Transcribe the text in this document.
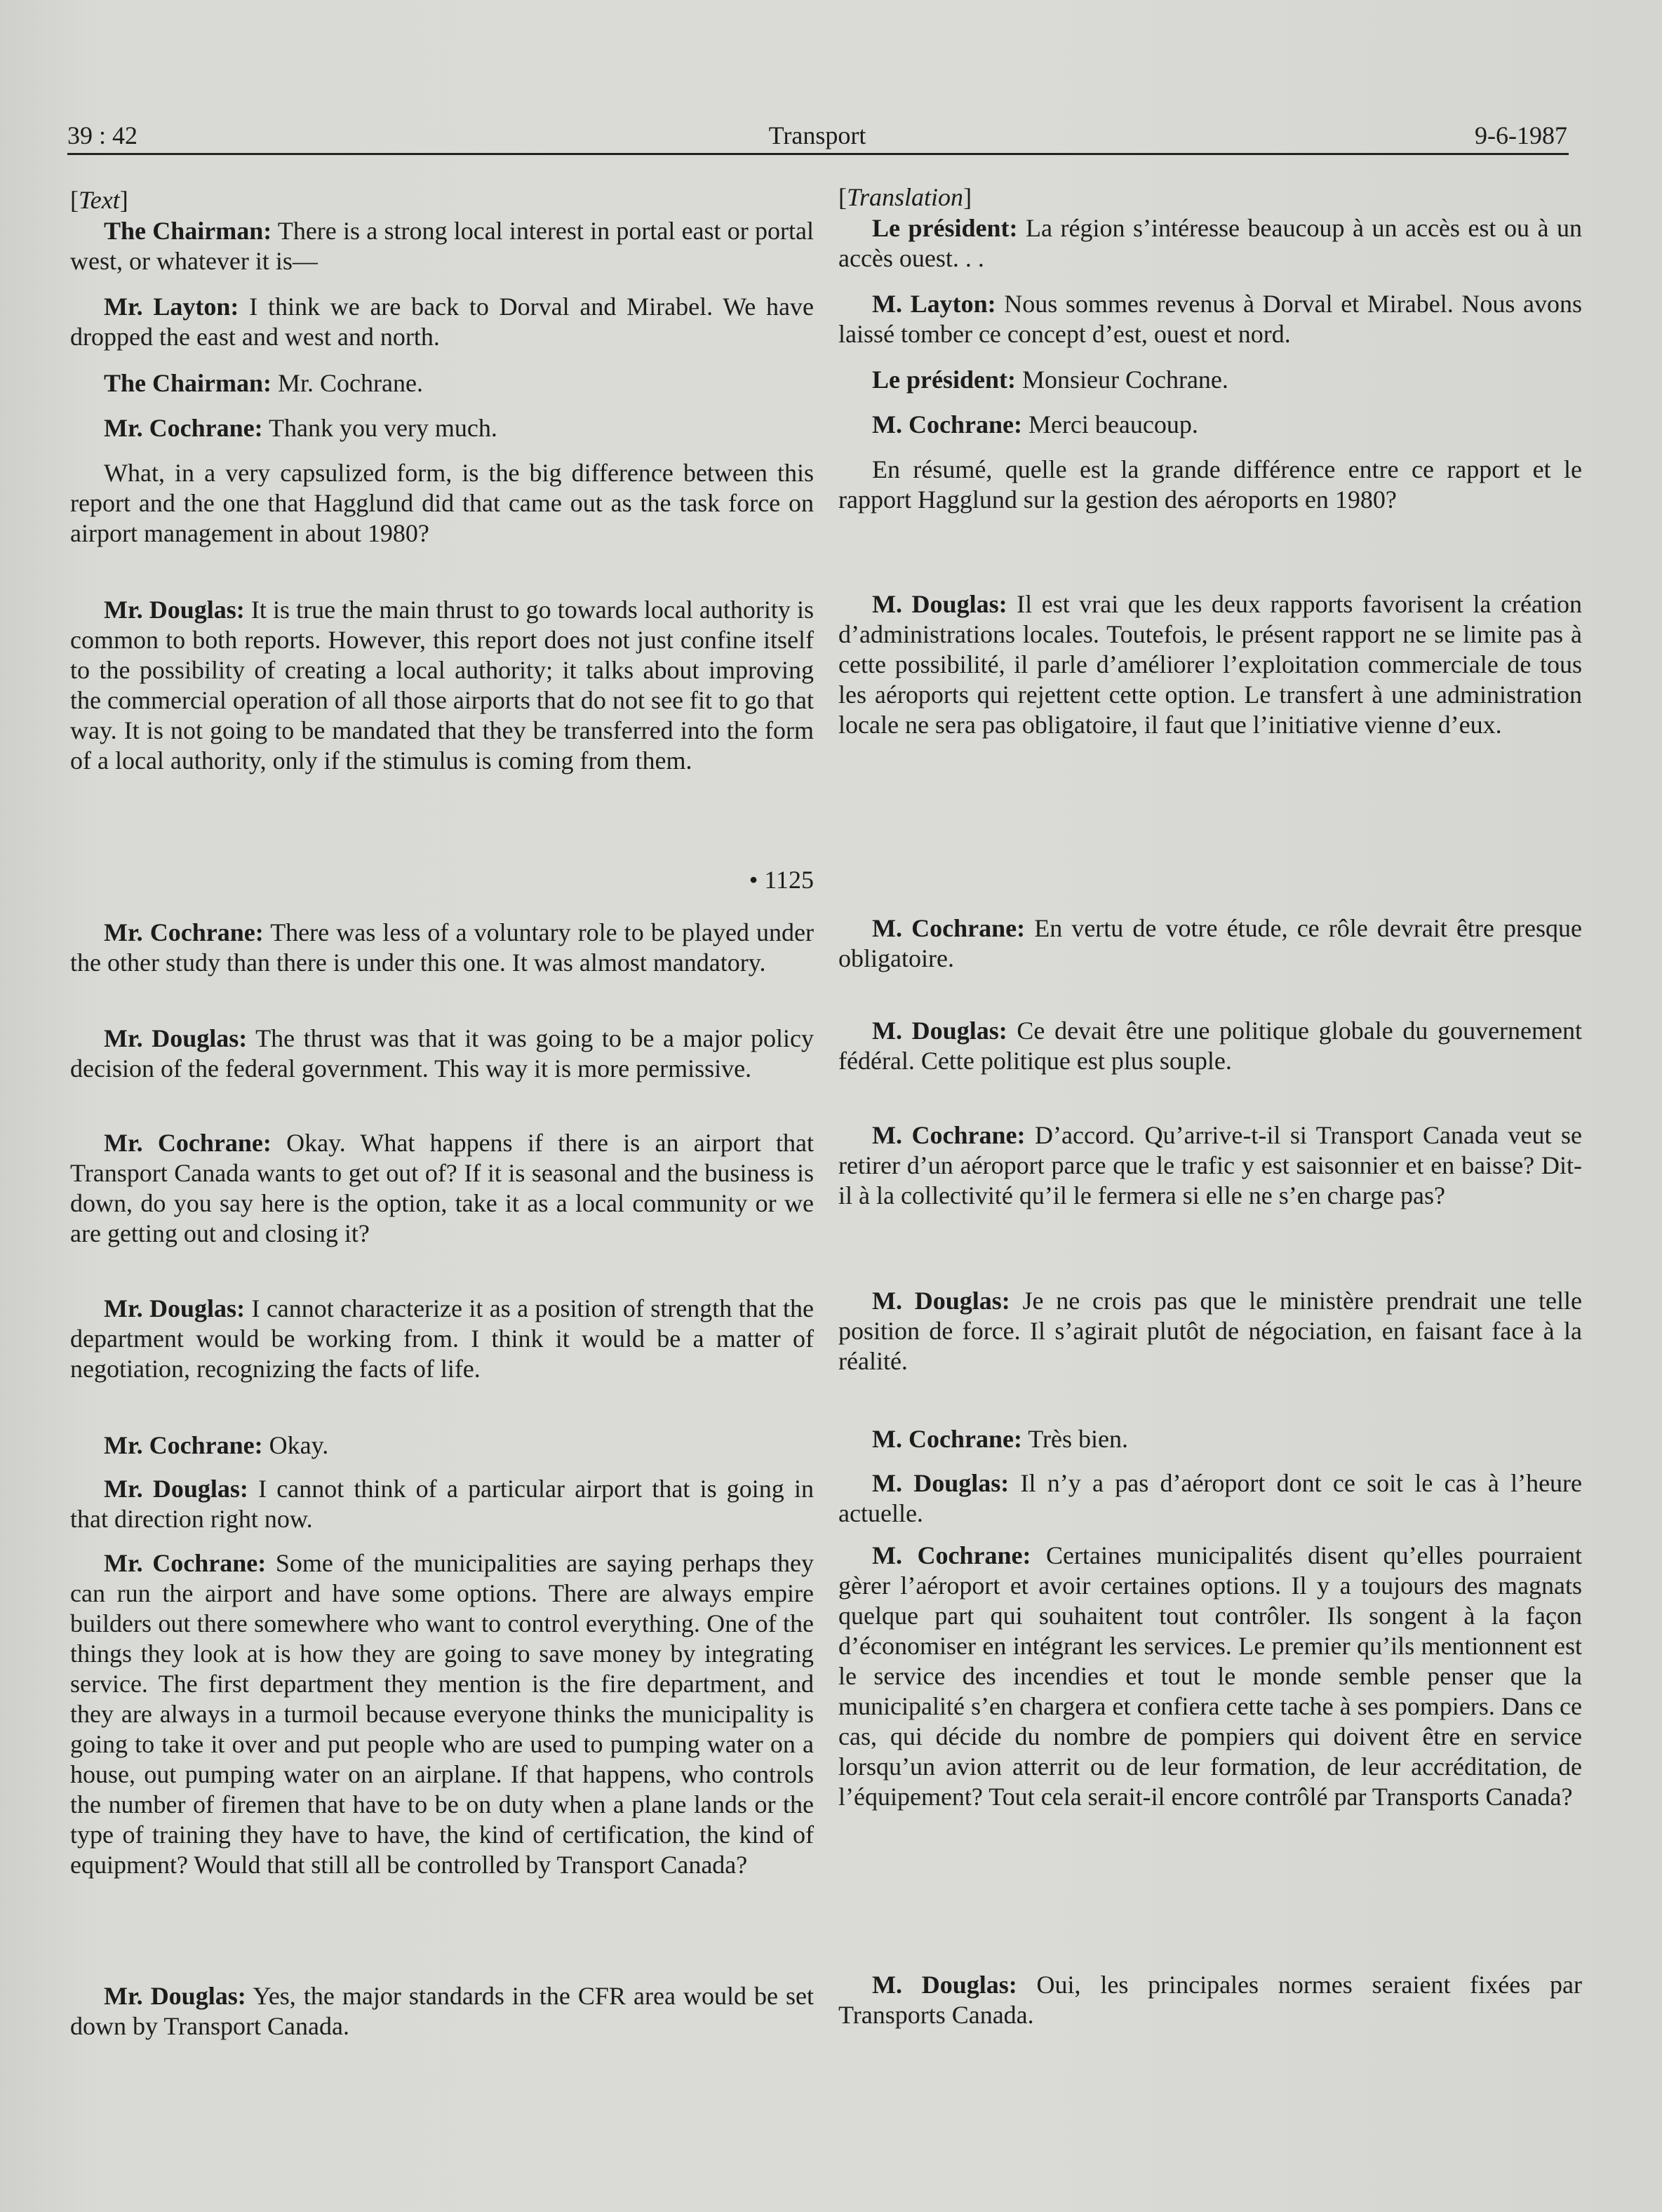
39 : 42	Transport	9-6-1987

[Text]

The Chairman: There is a strong local interest in portal east or portal west, or whatever it is—

Mr. Layton: I think we are back to Dorval and Mirabel. We have dropped the east and west and north.

The Chairman: Mr. Cochrane.

Mr. Cochrane: Thank you very much.

What, in a very capsulized form, is the big difference between this report and the one that Hagglund did that came out as the task force on airport management in about 1980?

Mr. Douglas: It is true the main thrust to go towards local authority is common to both reports. However, this report does not just confine itself to the possibility of creating a local authority; it talks about improving the commercial operation of all those airports that do not see fit to go that way. It is not going to be mandated that they be transferred into the form of a local authority, only if the stimulus is coming from them.

• 1125

Mr. Cochrane: There was less of a voluntary role to be played under the other study than there is under this one. It was almost mandatory.

Mr. Douglas: The thrust was that it was going to be a major policy decision of the federal government. This way it is more permissive.

Mr. Cochrane: Okay. What happens if there is an airport that Transport Canada wants to get out of? If it is seasonal and the business is down, do you say here is the option, take it as a local community or we are getting out and closing it?

Mr. Douglas: I cannot characterize it as a position of strength that the department would be working from. I think it would be a matter of negotiation, recognizing the facts of life.

Mr. Cochrane: Okay.

Mr. Douglas: I cannot think of a particular airport that is going in that direction right now.

Mr. Cochrane: Some of the municipalities are saying perhaps they can run the airport and have some options. There are always empire builders out there somewhere who want to control everything. One of the things they look at is how they are going to save money by integrating service. The first department they mention is the fire department, and they are always in a turmoil because everyone thinks the municipality is going to take it over and put people who are used to pumping water on a house, out pumping water on an airplane. If that happens, who controls the number of firemen that have to be on duty when a plane lands or the type of training they have to have, the kind of certification, the kind of equipment? Would that still all be controlled by Transport Canada?

Mr. Douglas: Yes, the major standards in the CFR area would be set down by Transport Canada.

[Translation]

Le président: La région s’intéresse beaucoup à un accès est ou à un accès ouest. . .

M. Layton: Nous sommes revenus à Dorval et Mirabel. Nous avons laissé tomber ce concept d’est, ouest et nord.

Le président: Monsieur Cochrane.

M. Cochrane: Merci beaucoup.

En résumé, quelle est la grande différence entre ce rapport et le rapport Hagglund sur la gestion des aéroports en 1980?

M. Douglas: Il est vrai que les deux rapports favorisent la création d’administrations locales. Toutefois, le présent rapport ne se limite pas à cette possibilité, il parle d’améliorer l’exploitation commerciale de tous les aéroports qui rejettent cette option. Le transfert à une administration locale ne sera pas obligatoire, il faut que l’initiative vienne d’eux.

M. Cochrane: En vertu de votre étude, ce rôle devrait être presque obligatoire.

M. Douglas: Ce devait être une politique globale du gouvernement fédéral. Cette politique est plus souple.

M. Cochrane: D’accord. Qu’arrive-t-il si Transport Canada veut se retirer d’un aéroport parce que le trafic y est saisonnier et en baisse? Dit-il à la collectivité qu’il le fermera si elle ne s’en charge pas?

M. Douglas: Je ne crois pas que le ministère prendrait une telle position de force. Il s’agirait plutôt de négociation, en faisant face à la réalité.

M. Cochrane: Très bien.

M. Douglas: Il n’y a pas d’aéroport dont ce soit le cas à l’heure actuelle.

M. Cochrane: Certaines municipalités disent qu’elles pourraient gèrer l’aéroport et avoir certaines options. Il y a toujours des magnats quelque part qui souhaitent tout contrôler. Ils songent à la façon d’économiser en intégrant les services. Le premier qu’ils mentionnent est le service des incendies et tout le monde semble penser que la municipalité s’en chargera et confiera cette tache à ses pompiers. Dans ce cas, qui décide du nombre de pompiers qui doivent être en service lorsqu’un avion atterrit ou de leur formation, de leur accréditation, de l’équipement? Tout cela serait-il encore contrôlé par Transports Canada?

M. Douglas: Oui, les principales normes seraient fixées par Transports Canada.
